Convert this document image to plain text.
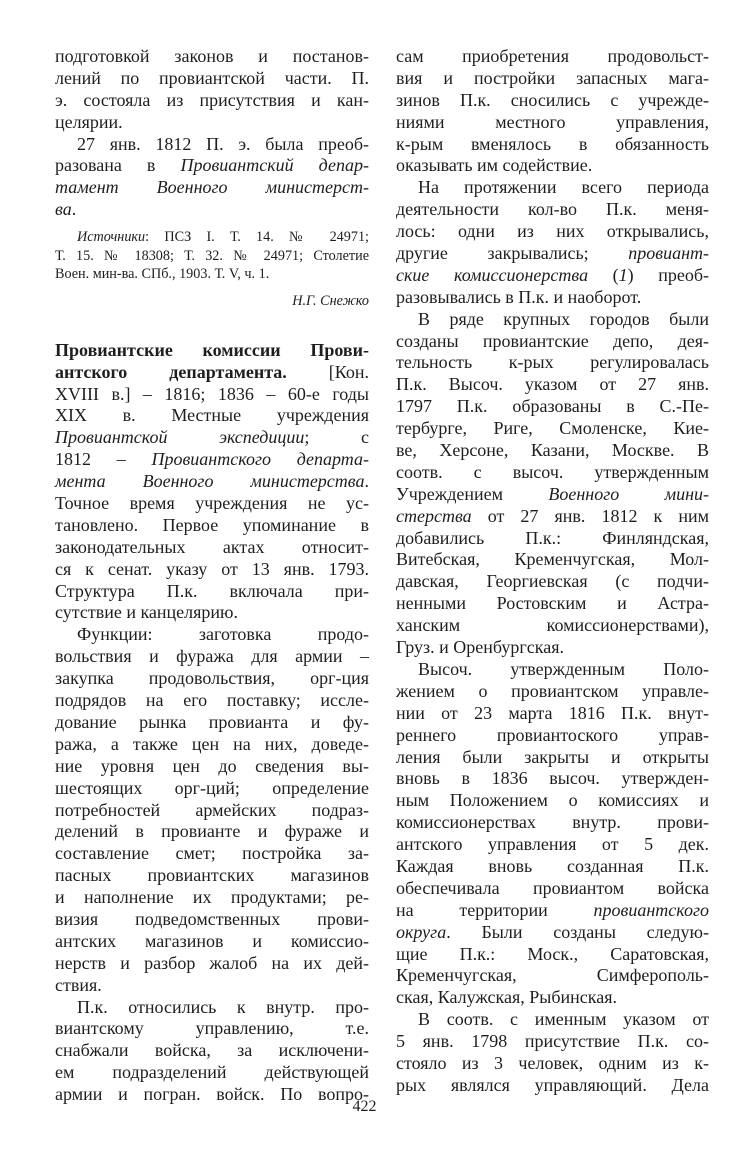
подготовкой законов и постанов-
лений по провиантской части. П.
э. состояла из присутствия и кан-
целярии.
27 янв. 1812 П. э. была преоб-
разована в Провиантский депар-
тамент Военного министерст-
ва.
Источники: ПСЗ I. Т. 14. № 24971;
Т. 15. № 18308; Т. 32. № 24971; Столетие
Воен. мин-ва. СПб., 1903. Т. V, ч. 1.
Н.Г. Снежко
Провиантские комиссии Прови-
антского департамента. [Кон.
XVIII в.] – 1816; 1836 – 60-е годы
XIX в. Местные учреждения
Провиантской экспедиции; с
1812 – Провиантского департа-
мента Военного министерства.
Точное время учреждения не ус-
тановлено. Первое упоминание в
законодательных актах относит-
ся к сенат. указу от 13 янв. 1793.
Структура П.к. включала при-
сутствие и канцелярию.
Функции: заготовка продо-
вольствия и фуража для армии –
закупка продовольствия, орг-ция
подрядов на его поставку; иссле-
дование рынка провианта и фу-
ража, а также цен на них, доведе-
ние уровня цен до сведения вы-
шестоящих орг-ций; определение
потребностей армейских подраз-
делений в провианте и фураже и
составление смет; постройка за-
пасных провиантских магазинов
и наполнение их продуктами; ре-
визия подведомственных прови-
антских магазинов и комиссио-
нерств и разбор жалоб на их дей-
ствия.
П.к. относились к внутр. про-
виантскому управлению, т.е.
снабжали войска, за исключени-
ем подразделений действующей
армии и погран. войск. По вопро-
сам приобретения продовольст-
вия и постройки запасных мага-
зинов П.к. сносились с учрежде-
ниями местного управления,
к-рым вменялось в обязанность
оказывать им содействие.
На протяжении всего периода
деятельности кол-во П.к. меня-
лось: одни из них открывались,
другие закрывались; провиант-
ские комиссионерства (1) преоб-
разовывались в П.к. и наоборот.
В ряде крупных городов были
созданы провиантские депо, дея-
тельность к-рых регулировалась
П.к. Высоч. указом от 27 янв.
1797 П.к. образованы в С.-Пе-
тербурге, Риге, Смоленске, Кие-
ве, Херсоне, Казани, Москве. В
соотв. с высоч. утвержденным
Учреждением Военного мини-
стерства от 27 янв. 1812 к ним
добавились П.к.: Финляндская,
Витебская, Кременчугская, Мол-
давская, Георгиевская (с подчи-
ненными Ростовским и Астра-
ханским комиссионерствами),
Груз. и Оренбургская.
Высоч. утвержденным Поло-
жением о провиантском управле-
нии от 23 марта 1816 П.к. внут-
реннего провиантоского управ-
ления были закрыты и открыты
вновь в 1836 высоч. утвержден-
ным Положением о комиссиях и
комиссионерствах внутр. прови-
антского управления от 5 дек.
Каждая вновь созданная П.к.
обеспечивала провиантом войска
на территории провиантского
округа. Были созданы следую-
щие П.к.: Моск., Саратовская,
Кременчугская, Симферополь-
ская, Калужская, Рыбинская.
В соотв. с именным указом от
5 янв. 1798 присутствие П.к. со-
стояло из 3 человек, одним из к-
рых являлся управляющий. Дела
422
